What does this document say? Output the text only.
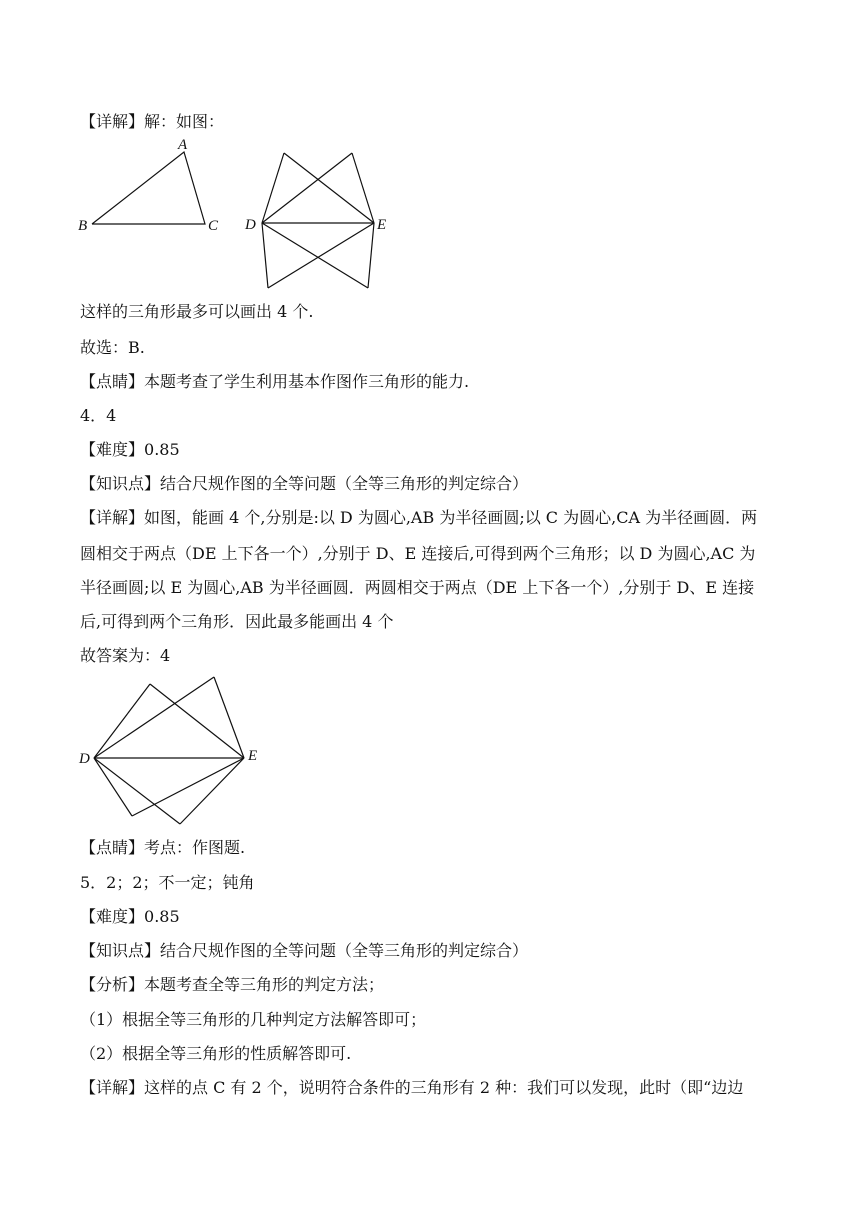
【详解】解：如图：
A
B	C D	E
这样的三角形最多可以画出 4 个.
故选：B.
【点睛】本题考查了学生利用基本作图作三角形的能力.
4．4
【难度】0.85
【知识点】结合尺规作图的全等问题（全等三角形的判定综合）
【详解】如图，能画 4 个,分别是:以 D 为圆心,AB 为半径画圆;以 C 为圆心,CA 为半径画圆．两
圆相交于两点（DE 上下各一个）,分别于 D、E 连接后,可得到两个三角形；以 D 为圆心,AC 为
半径画圆;以 E 为圆心,AB 为半径画圆．两圆相交于两点（DE 上下各一个）,分别于 D、E 连接
后,可得到两个三角形．因此最多能画出 4 个
故答案为：4
D	E
【点睛】考点：作图题.
5．2；2；不一定；钝角
【难度】0.85
【知识点】结合尺规作图的全等问题（全等三角形的判定综合）
【分析】本题考查全等三角形的判定方法；
（1）根据全等三角形的几种判定方法解答即可；
（2）根据全等三角形的性质解答即可.
【详解】这样的点 C 有 2 个，说明符合条件的三角形有 2 种：我们可以发现，此时（即“边边
